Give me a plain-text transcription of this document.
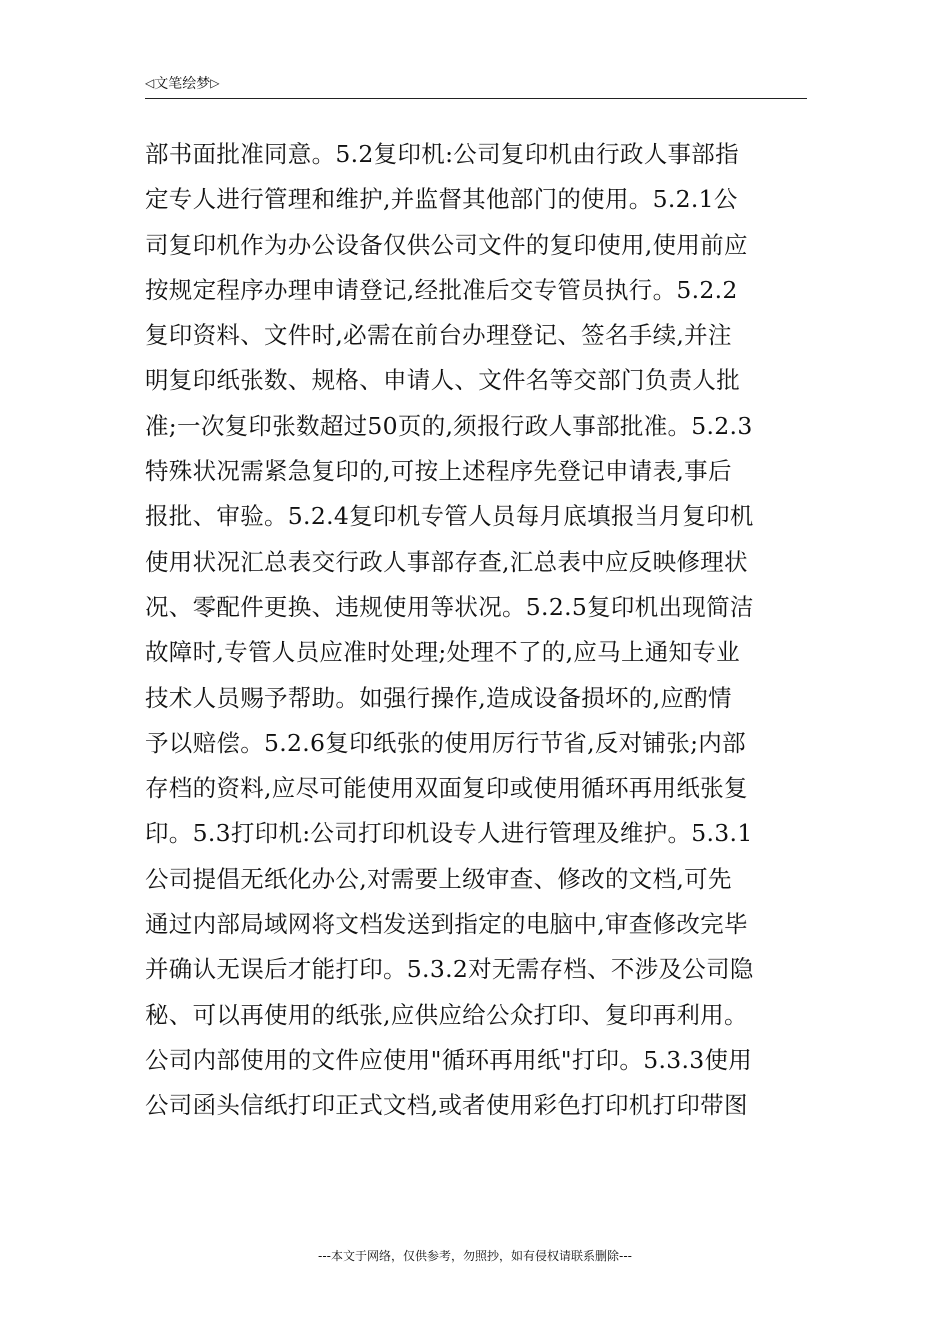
◁文笔绘梦▷
部书面批准同意。5.2复印机:公司复印机由行政人事部指
定专人进行管理和维护,并监督其他部门的使用。5.2.1公
司复印机作为办公设备仅供公司文件的复印使用,使用前应
按规定程序办理申请登记,经批准后交专管员执行。5.2.2
复印资料、文件时,必需在前台办理登记、签名手续,并注
明复印纸张数、规格、申请人、文件名等交部门负责人批
准;一次复印张数超过50页的,须报行政人事部批准。5.2.3
特殊状况需紧急复印的,可按上述程序先登记申请表,事后
报批、审验。5.2.4复印机专管人员每月底填报当月复印机
使用状况汇总表交行政人事部存查,汇总表中应反映修理状
况、零配件更换、违规使用等状况。5.2.5复印机出现简洁
故障时,专管人员应准时处理;处理不了的,应马上通知专业
技术人员赐予帮助。如强行操作,造成设备损坏的,应酌情
予以赔偿。5.2.6复印纸张的使用厉行节省,反对铺张;内部
存档的资料,应尽可能使用双面复印或使用循环再用纸张复
印。5.3打印机:公司打印机设专人进行管理及维护。5.3.1
公司提倡无纸化办公,对需要上级审查、修改的文档,可先
通过内部局域网将文档发送到指定的电脑中,审查修改完毕
并确认无误后才能打印。5.3.2对无需存档、不涉及公司隐
秘、可以再使用的纸张,应供应给公众打印、复印再利用。
公司内部使用的文件应使用"循环再用纸"打印。5.3.3使用
公司函头信纸打印正式文档,或者使用彩色打印机打印带图
---本文于网络，仅供参考，勿照抄，如有侵权请联系删除---
